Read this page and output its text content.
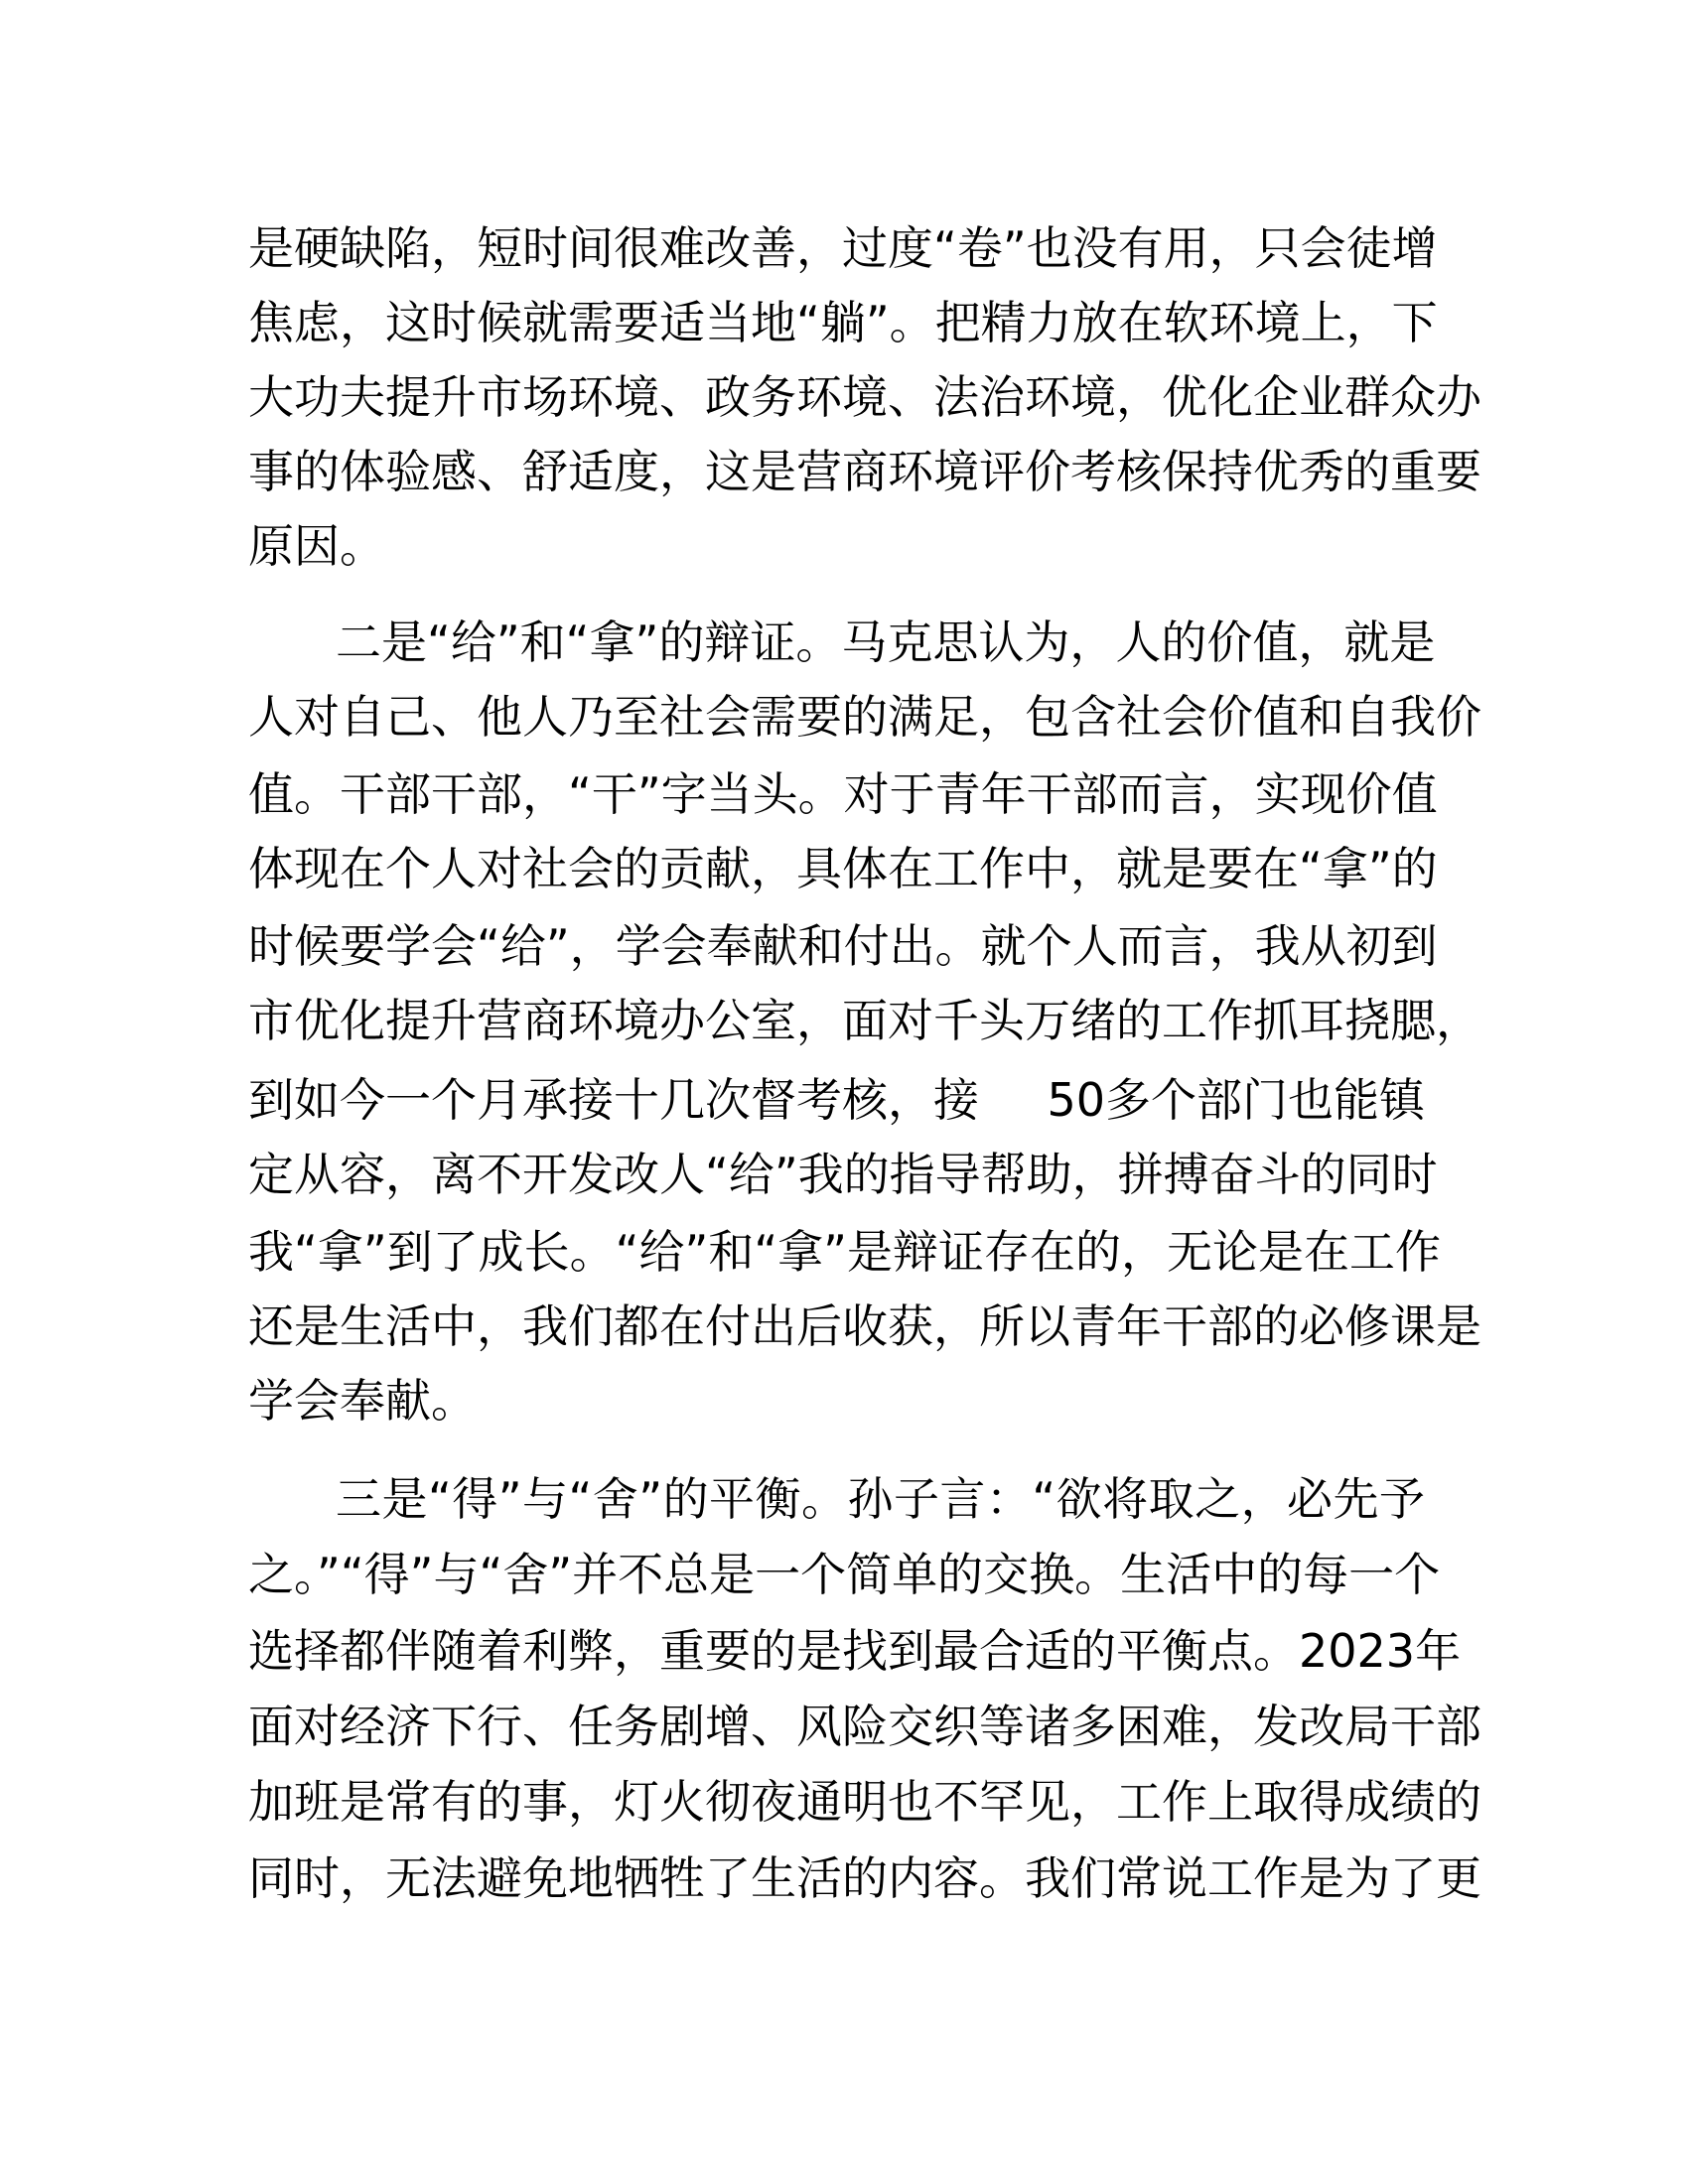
是硬缺陷，短时间很难改善，过度“卷”也没有用，只会徒增
焦虑，这时候就需要适当地“躺”。把精力放在软环境上，下
大功夫提升市场环境、政务环境、法治环境，优化企业群众办
事的体验感、舒适度，这是营商环境评价考核保持优秀的重要
原因。
二是“给”和“拿”的辩证。马克思认为，人的价值，就是
人对自己、他人乃至社会需要的满足，包含社会价值和自我价
值。干部干部，“干”字当头。对于青年干部而言，实现价值
体现在个人对社会的贡献，具体在工作中，就是要在“拿”的
时候要学会“给”，学会奉献和付出。就个人而言，我从初到
市优化提升营商环境办公室，面对千头万绪的工作抓耳挠腮，
到如今一个月承接十几次督考核，接 50多个部门也能镇
定从容，离不开发改人“给”我的指导帮助，拼搏奋斗的同时
我“拿”到了成长。“给”和“拿”是辩证存在的，无论是在工作
还是生活中，我们都在付出后收获，所以青年干部的必修课是
学会奉献。
三是“得”与“舍”的平衡。孙子言：“欲将取之，必先予
之。”“得”与“舍”并不总是一个简单的交换。生活中的每一个
选择都伴随着利弊，重要的是找到最合适的平衡点。2023年
面对经济下行、任务剧增、风险交织等诸多困难，发改局干部
加班是常有的事，灯火彻夜通明也不罕见，工作上取得成绩的
同时，无法避免地牺牲了生活的内容。我们常说工作是为了更
